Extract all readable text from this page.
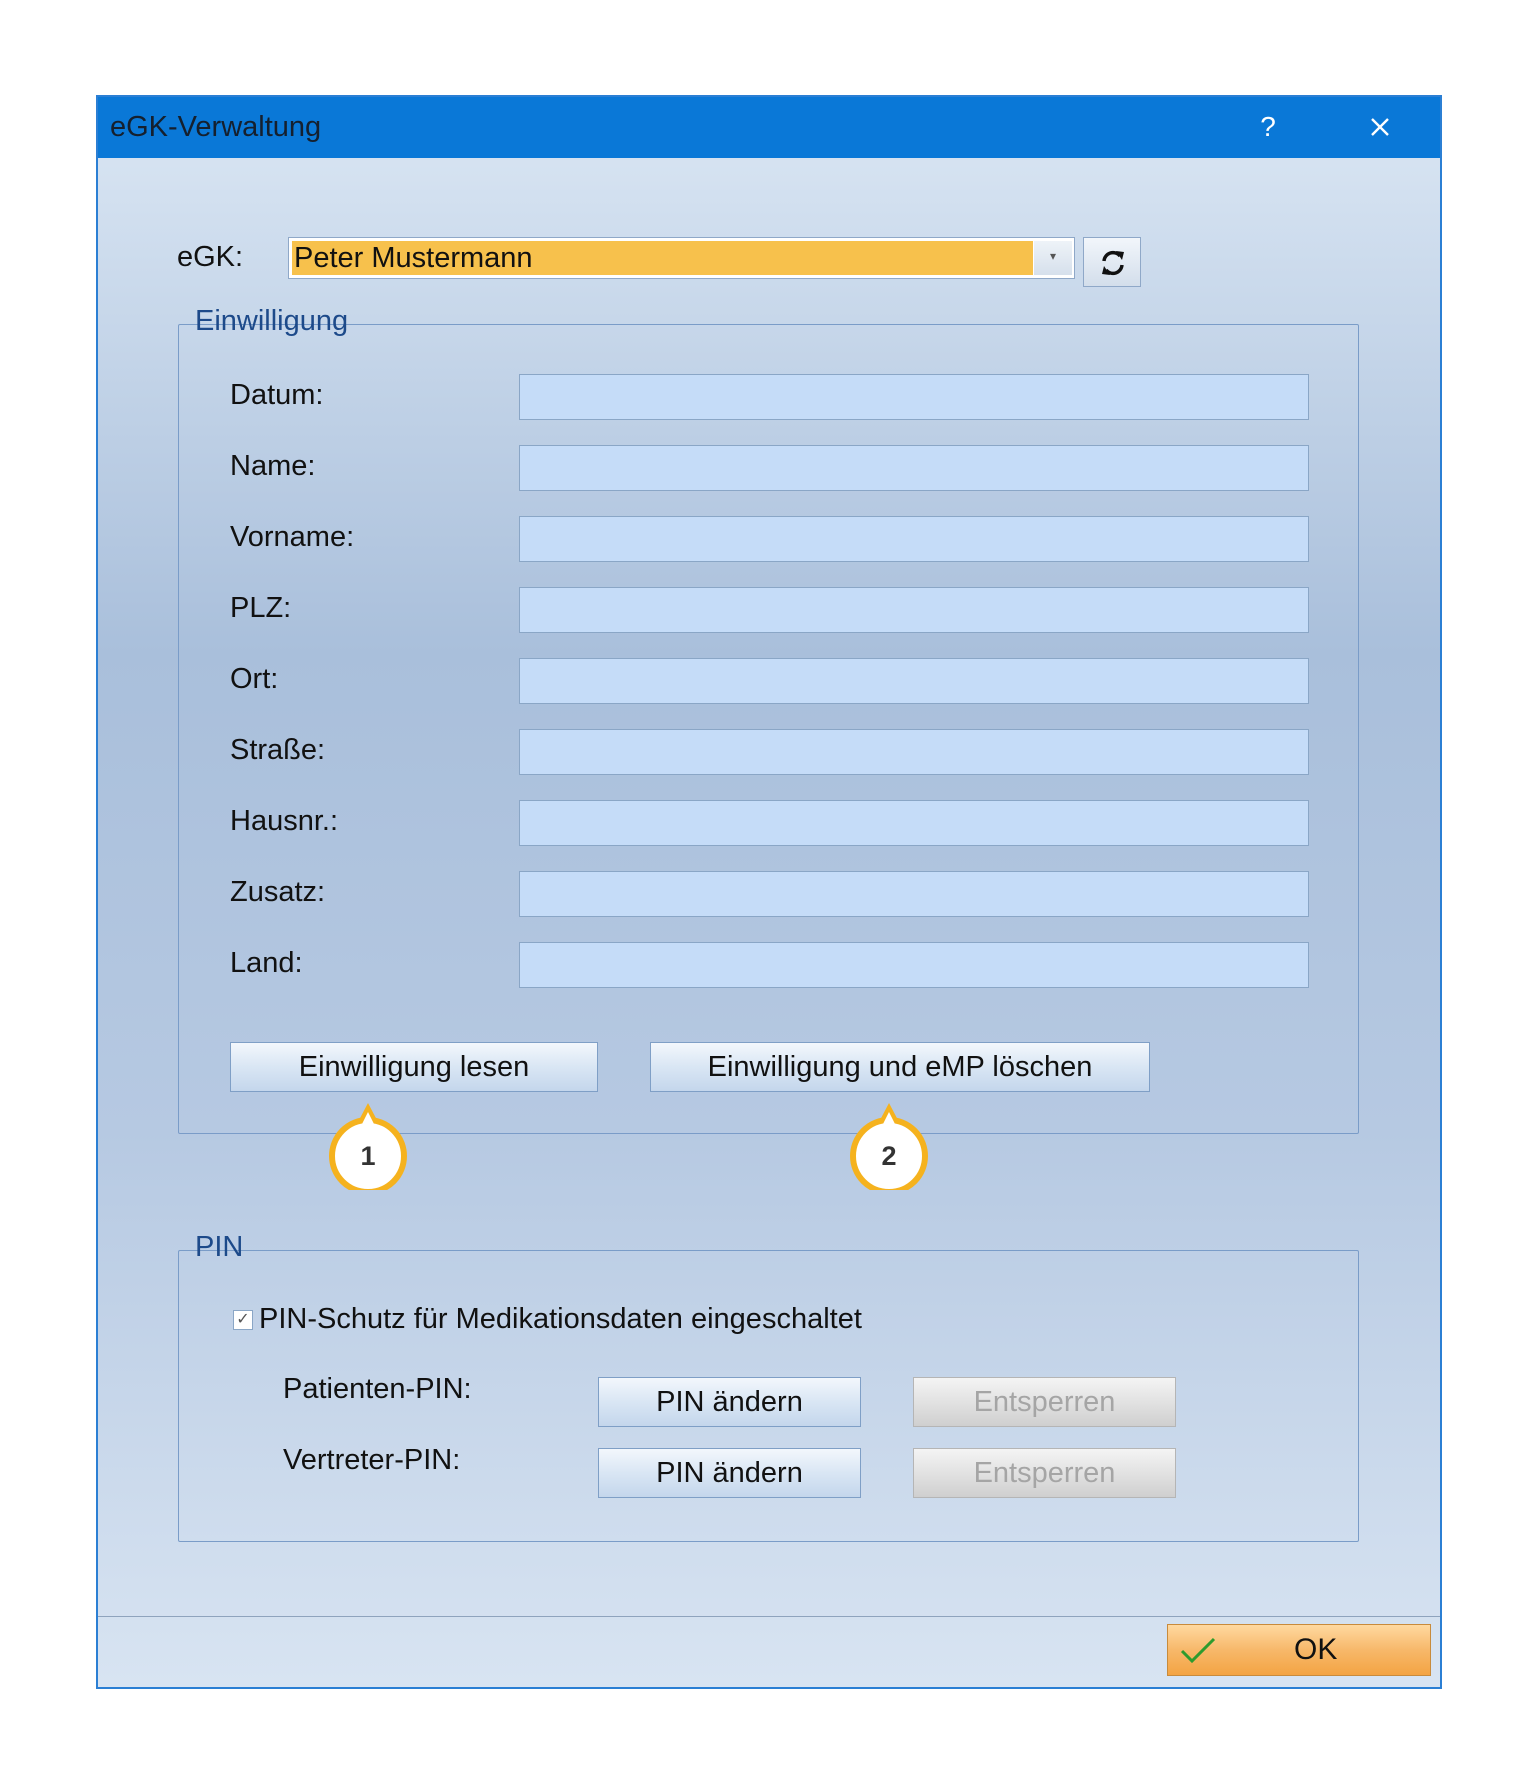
eGK-Verwaltung	?
eGK: Peter Mustermann	▾
Einwilligung
Datum:
Name:
Vorname:
PLZ:
Ort:
Straße:
Hausnr.:
Zusatz:
Land:
Einwilligung lesen	Einwilligung und eMP löschen
1	2
PIN
✓ PIN-Schutz für Medikationsdaten eingeschaltet
Patienten-PIN:	PIN ändern	Entsperren
Vertreter-PIN:	PIN ändern	Entsperren
OK
